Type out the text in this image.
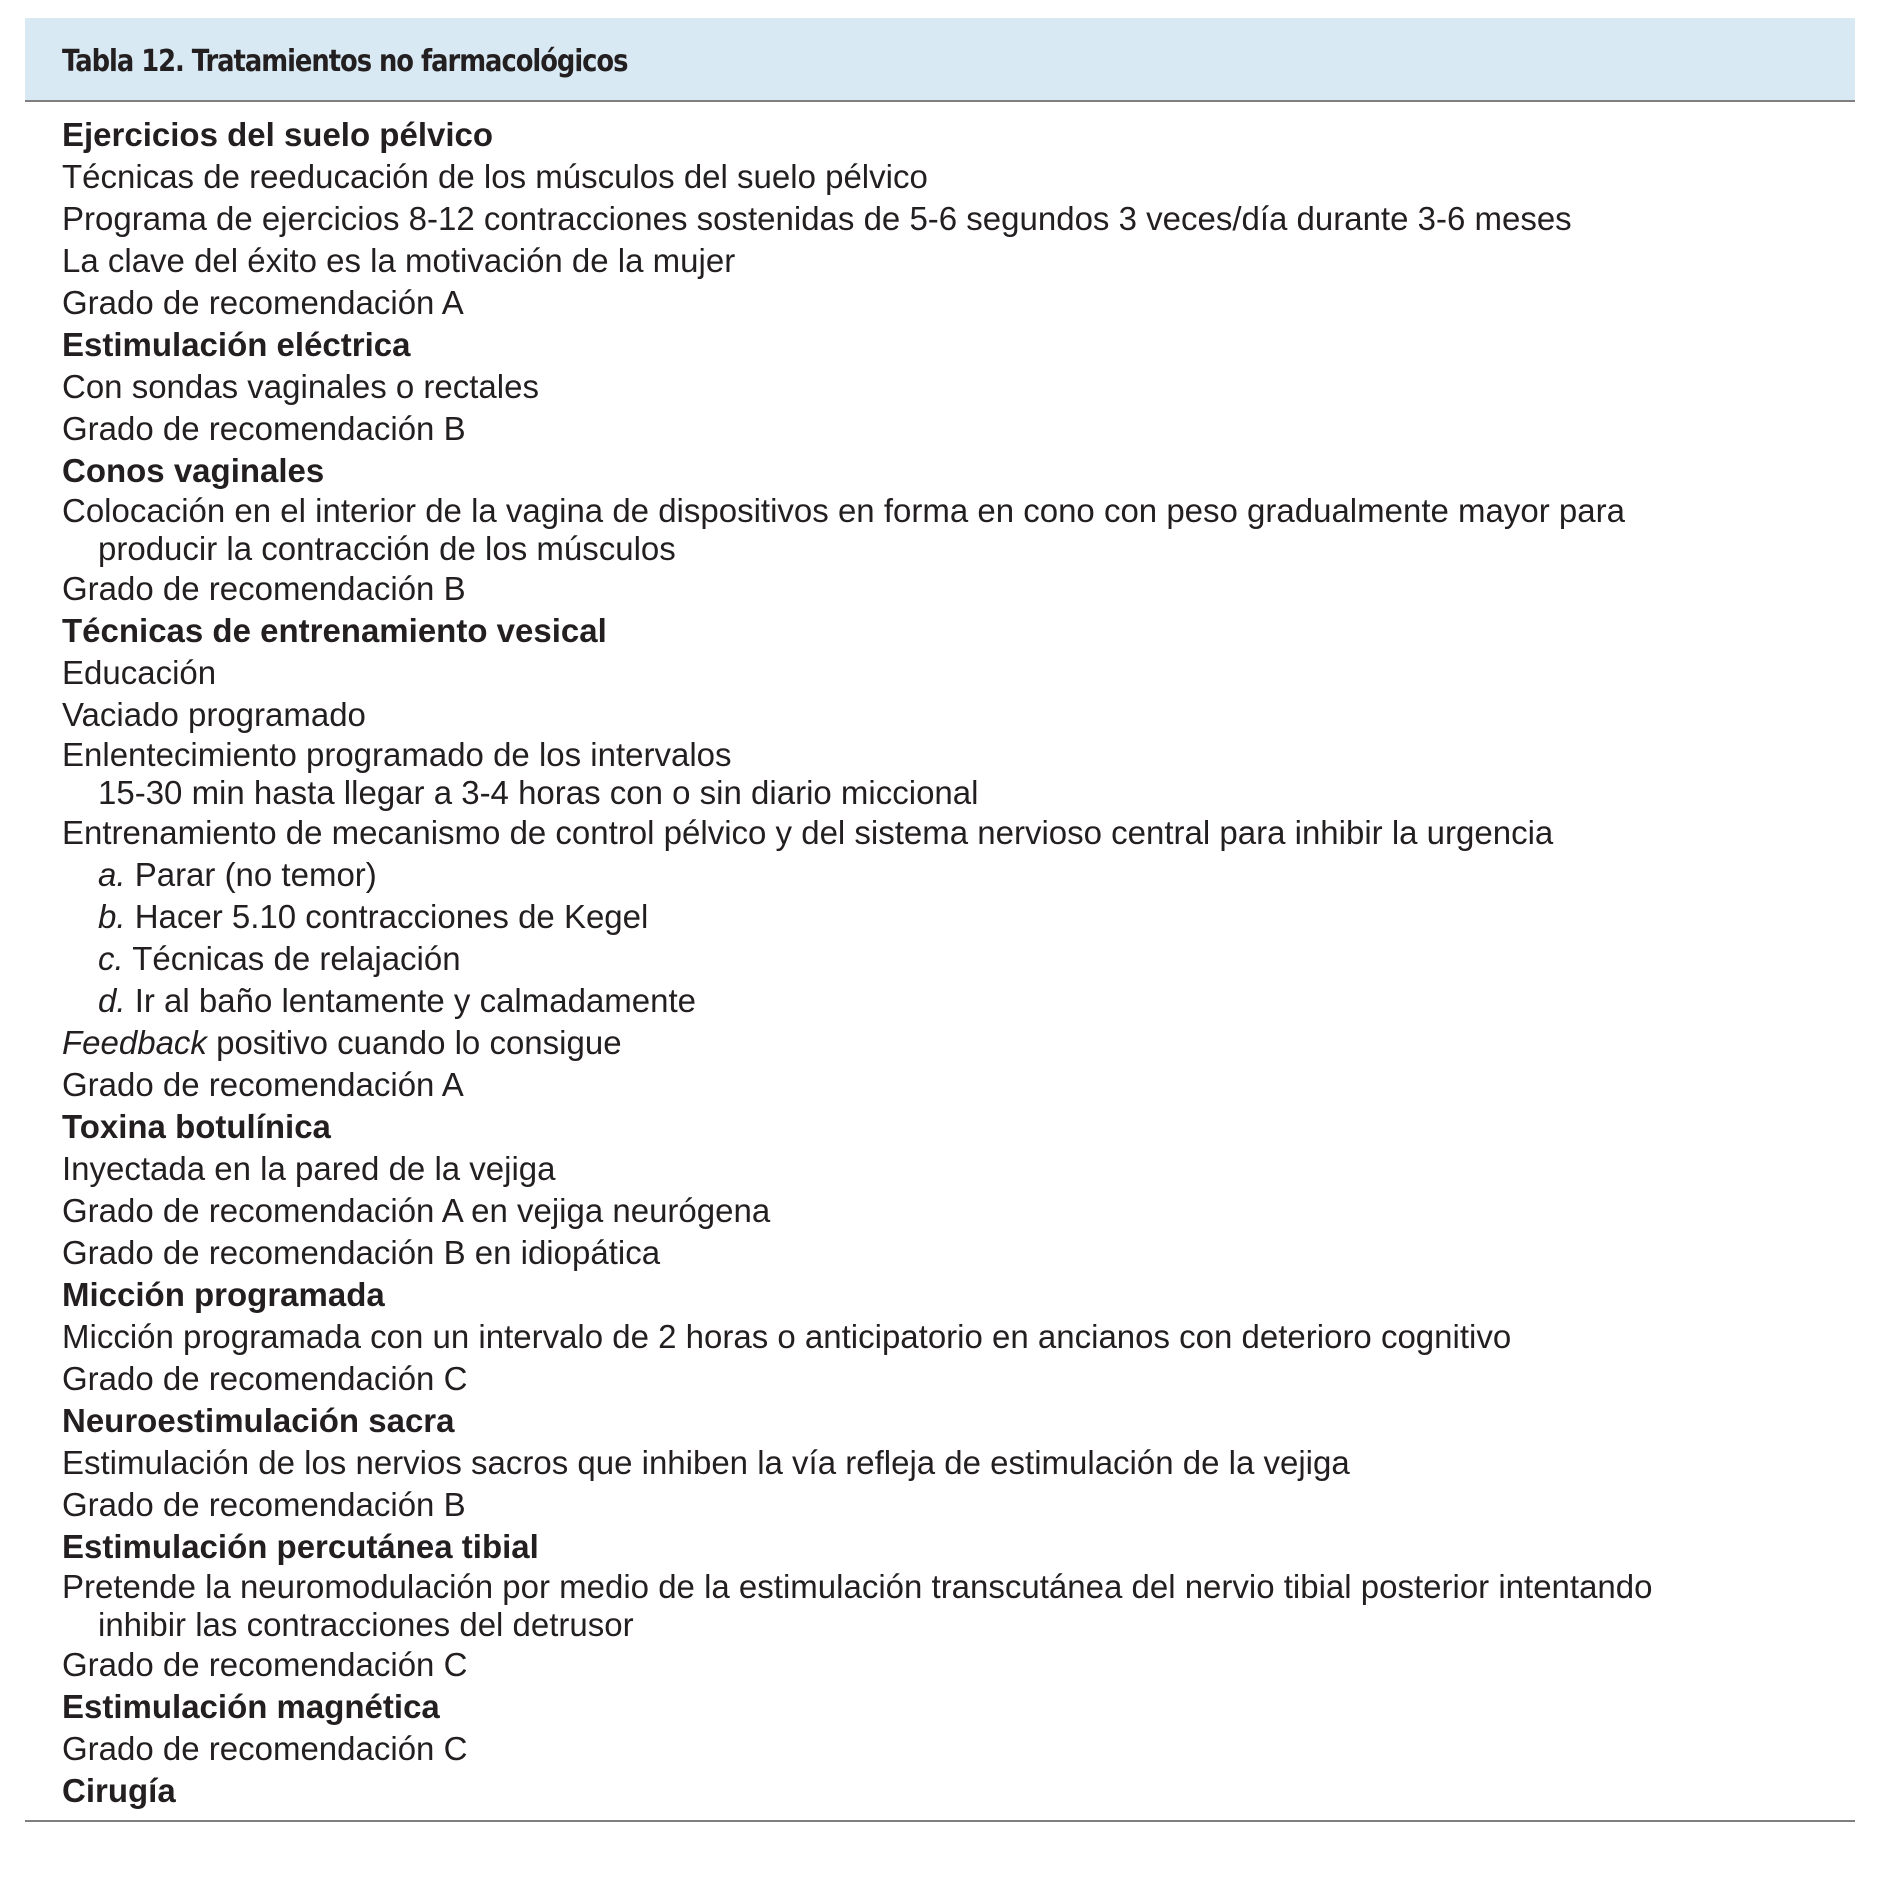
Tabla 12. Tratamientos no farmacológicos
Ejercicios del suelo pélvico
Técnicas de reeducación de los músculos del suelo pélvico
Programa de ejercicios 8-12 contracciones sostenidas de 5-6 segundos 3 veces/día durante 3-6 meses
La clave del éxito es la motivación de la mujer
Grado de recomendación A
Estimulación eléctrica
Con sondas vaginales o rectales
Grado de recomendación B
Conos vaginales
Colocación en el interior de la vagina de dispositivos en forma en cono con peso gradualmente mayor para
producir la contracción de los músculos
Grado de recomendación B
Técnicas de entrenamiento vesical
Educación
Vaciado programado
Enlentecimiento programado de los intervalos
15-30 min hasta llegar a 3-4 horas con o sin diario miccional
Entrenamiento de mecanismo de control pélvico y del sistema nervioso central para inhibir la urgencia
a. Parar (no temor)
b. Hacer 5.10 contracciones de Kegel
c. Técnicas de relajación
d. Ir al baño lentamente y calmadamente
Feedback positivo cuando lo consigue
Grado de recomendación A
Toxina botulínica
Inyectada en la pared de la vejiga
Grado de recomendación A en vejiga neurógena
Grado de recomendación B en idiopática
Micción programada
Micción programada con un intervalo de 2 horas o anticipatorio en ancianos con deterioro cognitivo
Grado de recomendación C
Neuroestimulación sacra
Estimulación de los nervios sacros que inhiben la vía refleja de estimulación de la vejiga
Grado de recomendación B
Estimulación percutánea tibial
Pretende la neuromodulación por medio de la estimulación transcutánea del nervio tibial posterior intentando
inhibir las contracciones del detrusor
Grado de recomendación C
Estimulación magnética
Grado de recomendación C
Cirugía
